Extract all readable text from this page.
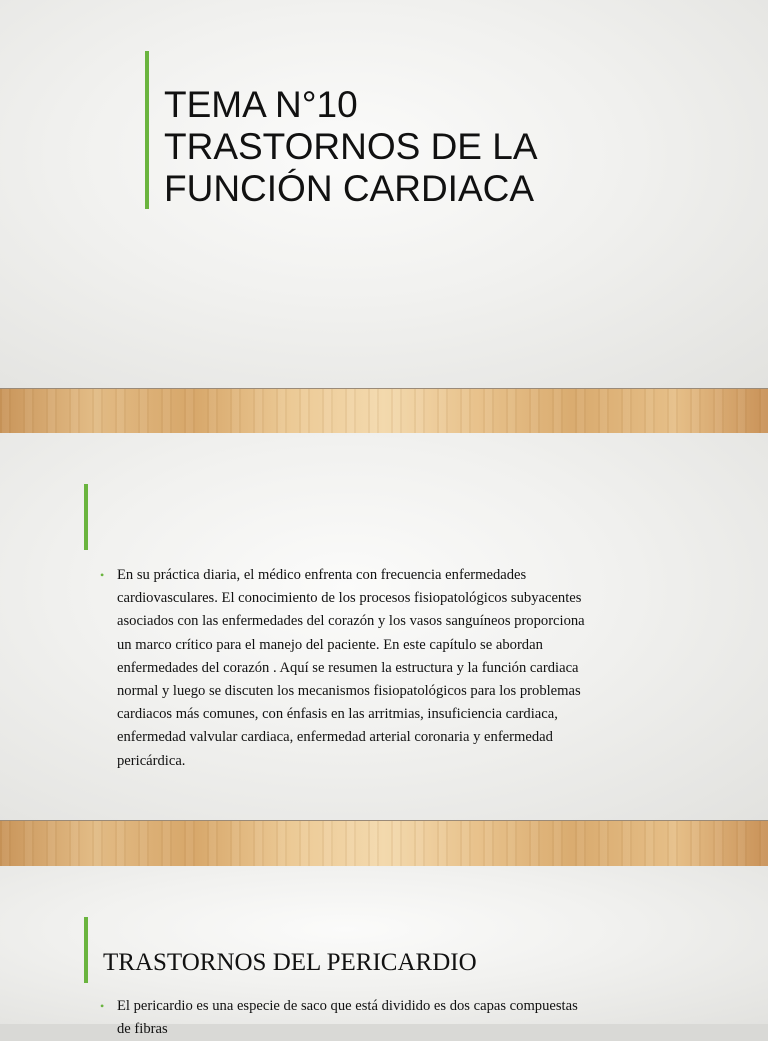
TEMA N°10
TRASTORNOS DE LA
FUNCIÓN CARDIACA
• En su práctica diaria, el médico enfrenta con frecuencia enfermedades
cardiovasculares. El conocimiento de los procesos fisiopatológicos subyacentes
asociados con las enfermedades del corazón y los vasos sanguíneos proporciona
un marco crítico para el manejo del paciente. En este capítulo se abordan
enfermedades del corazón . Aquí se resumen la estructura y la función cardiaca
normal y luego se discuten los mecanismos fisiopatológicos para los problemas
cardiacos más comunes, con énfasis en las arritmias, insuficiencia cardiaca,
enfermedad valvular cardiaca, enfermedad arterial coronaria y enfermedad
pericárdica.
TRASTORNOS DEL PERICARDIO
• El pericardio es una especie de saco que está dividido es dos capas compuestas
de fibras
